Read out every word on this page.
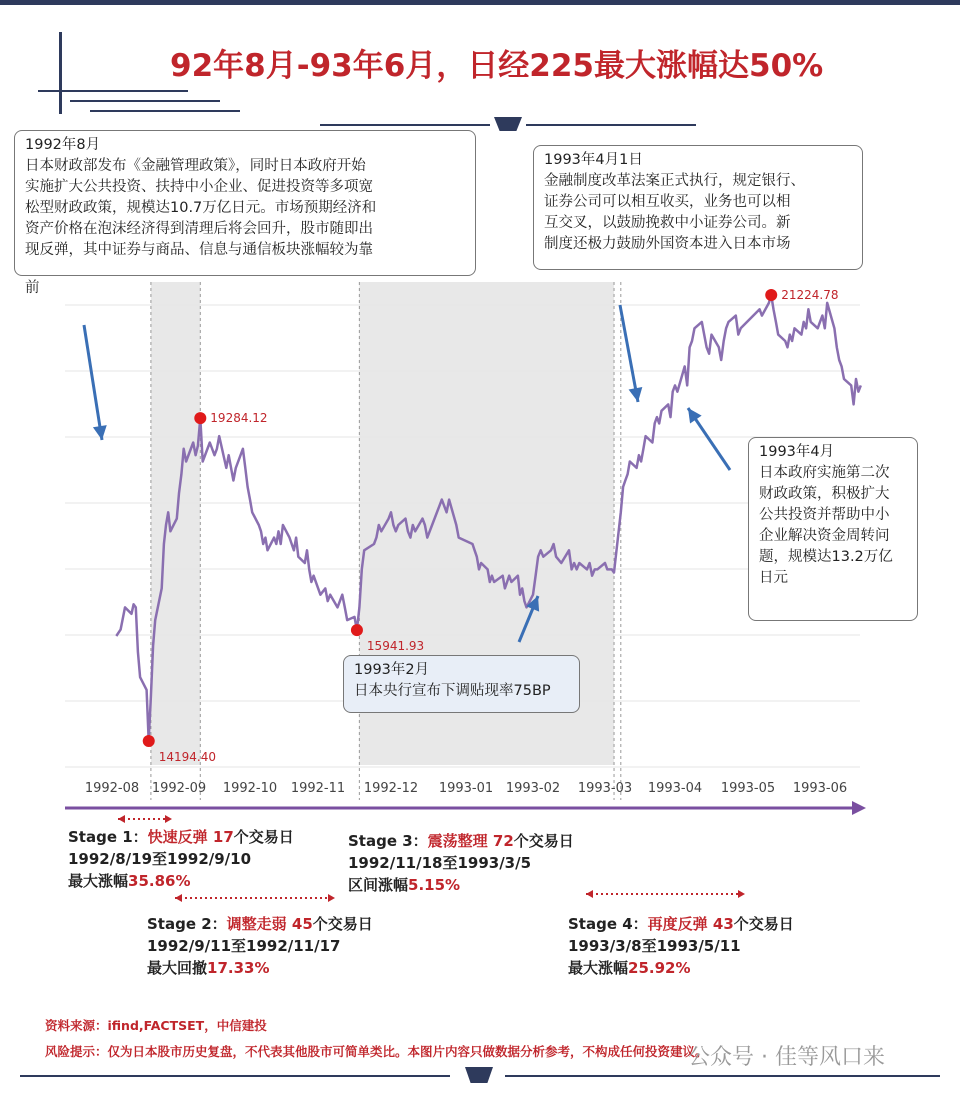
92年8月-93年6月，日经225最大涨幅达50%
14194.40
19284.12
15941.93
21224.78
1992-08 1992-09 1992-10 1992-11 1992-12 1993-01 1993-02 1993-03 1993-04 1993-05 1993-06
1992年8月
日本财政部发布《金融管理政策》，同时日本政府开始
实施扩大公共投资、扶持中小企业、促进投资等多项宽
松型财政政策，规模达10.7万亿日元。市场预期经济和
资产价格在泡沫经济得到清理后将会回升，股市随即出
现反弹，其中证券与商品、信息与通信板块涨幅较为靠
前
1993年4月1日
金融制度改革法案正式执行，规定银行、
证券公司可以相互收买，业务也可以相
互交叉，以鼓励挽救中小证券公司。新
制度还极力鼓励外国资本进入日本市场
1993年4月
日本政府实施第二次
财政政策，积极扩大
公共投资并帮助中小
企业解决资金周转问
题，规模达13.2万亿
日元
1993年2月
日本央行宣布下调贴现率75BP
Stage 1：快速反弹 17个交易日
1992/8/19至1992/9/10
最大涨幅35.86%
Stage 2：调整走弱 45个交易日
1992/9/11至1992/11/17
最大回撤17.33%
Stage 3：震荡整理 72个交易日
1992/11/18至1993/3/5
区间涨幅5.15%
Stage 4：再度反弹 43个交易日
1993/3/8至1993/5/11
最大涨幅25.92%
资料来源：ifind,FACTSET，中信建投
风险提示：仅为日本股市历史复盘，不代表其他股市可简单类比。本图片内容只做数据分析参考，不构成任何投资建议。
公众号 · 佳等风口来
